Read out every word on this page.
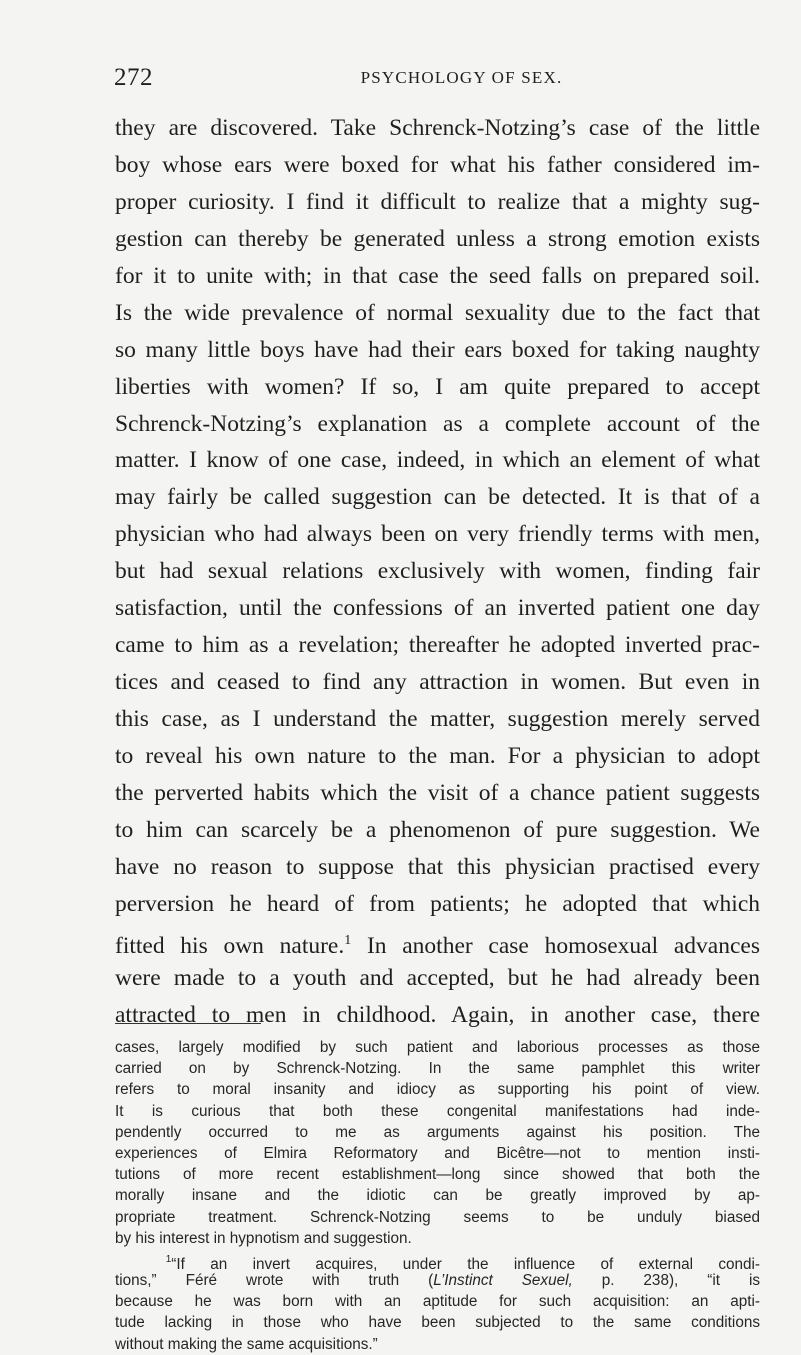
272	PSYCHOLOGY OF SEX.
they are discovered. Take Schrenck-Notzing’s case of the little
boy whose ears were boxed for what his father considered im-
proper curiosity. I find it difficult to realize that a mighty sug-
gestion can thereby be generated unless a strong emotion exists
for it to unite with; in that case the seed falls on prepared soil.
Is the wide prevalence of normal sexuality due to the fact that
so many little boys have had their ears boxed for taking naughty
liberties with women? If so, I am quite prepared to accept
Schrenck-Notzing’s explanation as a complete account of the
matter. I know of one case, indeed, in which an element of what
may fairly be called suggestion can be detected. It is that of a
physician who had always been on very friendly terms with men,
but had sexual relations exclusively with women, finding fair
satisfaction, until the confessions of an inverted patient one day
came to him as a revelation; thereafter he adopted inverted prac-
tices and ceased to find any attraction in women. But even in
this case, as I understand the matter, suggestion merely served
to reveal his own nature to the man. For a physician to adopt
the perverted habits which the visit of a chance patient suggests
to him can scarcely be a phenomenon of pure suggestion. We
have no reason to suppose that this physician practised every
perversion he heard of from patients; he adopted that which
fitted his own nature.$^1$ In another case homosexual advances
were made to a youth and accepted, but he had already been
attracted to men in childhood. Again, in another case, there
cases, largely modified by such patient and laborious processes as those
carried on by Schrenck-Notzing. In the same pamphlet this writer
refers to moral insanity and idiocy as supporting his point of view.
It is curious that both these congenital manifestations had inde-
pendently occurred to me as arguments against his position. The
experiences of Elmira Reformatory and Bicêtre—not to mention insti-
tutions of more recent establishment—long since showed that both the
morally insane and the idiotic can be greatly improved by ap-
propriate treatment. Schrenck-Notzing seems to be unduly biased
by his interest in hypnotism and suggestion.
$^1$“If an invert acquires, under the influence of external condi-
tions,” Féré wrote with truth (L’Instinct Sexuel, p. 238), “it is
because he was born with an aptitude for such acquisition: an apti-
tude lacking in those who have been subjected to the same conditions
without making the same acquisitions.”
